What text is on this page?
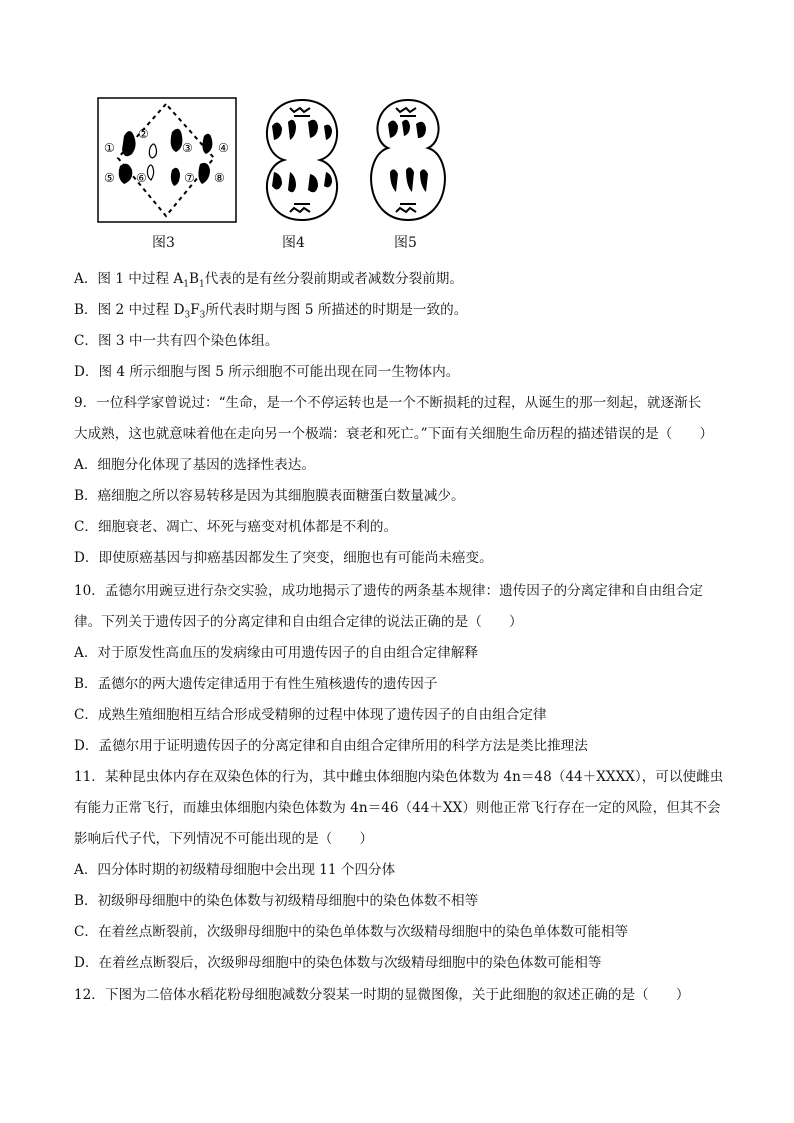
①
②
③ ④
⑤ ⑥	⑦ ⑧
图3	图4	图5
A．图 1 中过程 $A_1B_1$代表的是有丝分裂前期或者减数分裂前期。
B．图 2 中过程 $D_3F_3$所代表时期与图 5 所描述的时期是一致的。
C．图 3 中一共有四个染色体组。
D．图 4 所示细胞与图 5 所示细胞不可能出现在同一生物体内。
9．一位科学家曾说过：“生命，是一个不停运转也是一个不断损耗的过程，从诞生的那一刻起，就逐渐长
大成熟，这也就意味着他在走向另一个极端：衰老和死亡。”下面有关细胞生命历程的描述错误的是（　　）
A．细胞分化体现了基因的选择性表达。
B．癌细胞之所以容易转移是因为其细胞膜表面糖蛋白数量减少。
C．细胞衰老、凋亡、坏死与癌变对机体都是不利的。
D．即使原癌基因与抑癌基因都发生了突变，细胞也有可能尚未癌变。
10．孟德尔用豌豆进行杂交实验，成功地揭示了遗传的两条基本规律：遗传因子的分离定律和自由组合定
律。下列关于遗传因子的分离定律和自由组合定律的说法正确的是（　　）
A．对于原发性高血压的发病缘由可用遗传因子的自由组合定律解释
B．孟德尔的两大遗传定律适用于有性生殖核遗传的遗传因子
C．成熟生殖细胞相互结合形成受精卵的过程中体现了遗传因子的自由组合定律
D．孟德尔用于证明遗传因子的分离定律和自由组合定律所用的科学方法是类比推理法
11．某种昆虫体内存在双染色体的行为，其中雌虫体细胞内染色体数为 4n＝48（44＋XXXX），可以使雌虫
有能力正常飞行，而雄虫体细胞内染色体数为 4n＝46（44＋XX）则他正常飞行存在一定的风险，但其不会
影响后代子代，下列情况不可能出现的是（　　）
A．四分体时期的初级精母细胞中会出现 11 个四分体
B．初级卵母细胞中的染色体数与初级精母细胞中的染色体数不相等
C．在着丝点断裂前，次级卵母细胞中的染色单体数与次级精母细胞中的染色单体数可能相等
D．在着丝点断裂后，次级卵母细胞中的染色体数与次级精母细胞中的染色体数可能相等
12．下图为二倍体水稻花粉母细胞减数分裂某一时期的显微图像，关于此细胞的叙述正确的是（　　）
